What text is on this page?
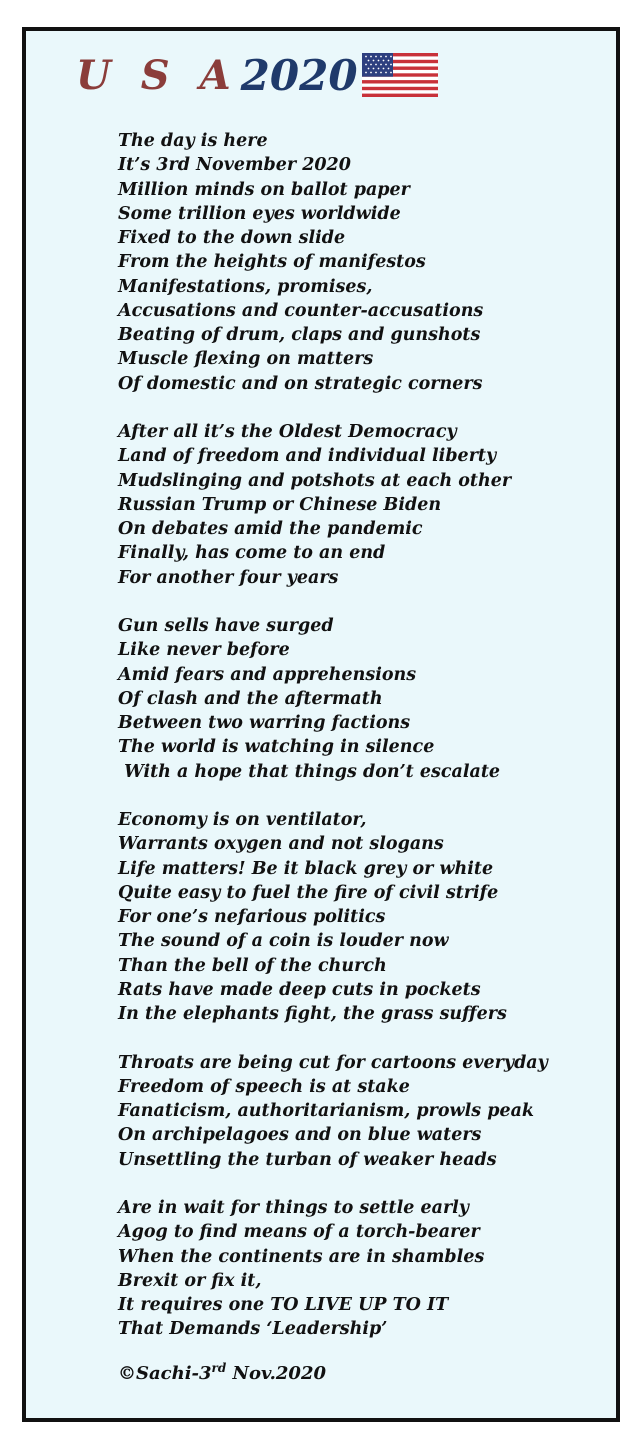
U S A 2020
The day is here
It’s 3rd November 2020
Million minds on ballot paper
Some trillion eyes worldwide
Fixed to the down slide
From the heights of manifestos
Manifestations, promises,
Accusations and counter-accusations
Beating of drum, claps and gunshots
Muscle flexing on matters
Of domestic and on strategic corners
After all it’s the Oldest Democracy
Land of freedom and individual liberty
Mudslinging and potshots at each other
Russian Trump or Chinese Biden
On debates amid the pandemic
Finally, has come to an end
For another four years
Gun sells have surged
Like never before
Amid fears and apprehensions
Of clash and the aftermath
Between two warring factions
The world is watching in silence
With a hope that things don’t escalate
Economy is on ventilator,
Warrants oxygen and not slogans
Life matters! Be it black grey or white
Quite easy to fuel the fire of civil strife
For one’s nefarious politics
The sound of a coin is louder now
Than the bell of the church
Rats have made deep cuts in pockets
In the elephants fight, the grass suffers
Throats are being cut for cartoons everyday
Freedom of speech is at stake
Fanaticism, authoritarianism, prowls peak
On archipelagoes and on blue waters
Unsettling the turban of weaker heads
Are in wait for things to settle early
Agog to find means of a torch-bearer
When the continents are in shambles
Brexit or fix it,
It requires one TO LIVE UP TO IT
That Demands ‘Leadership’
©Sachi-3rd Nov.2020
